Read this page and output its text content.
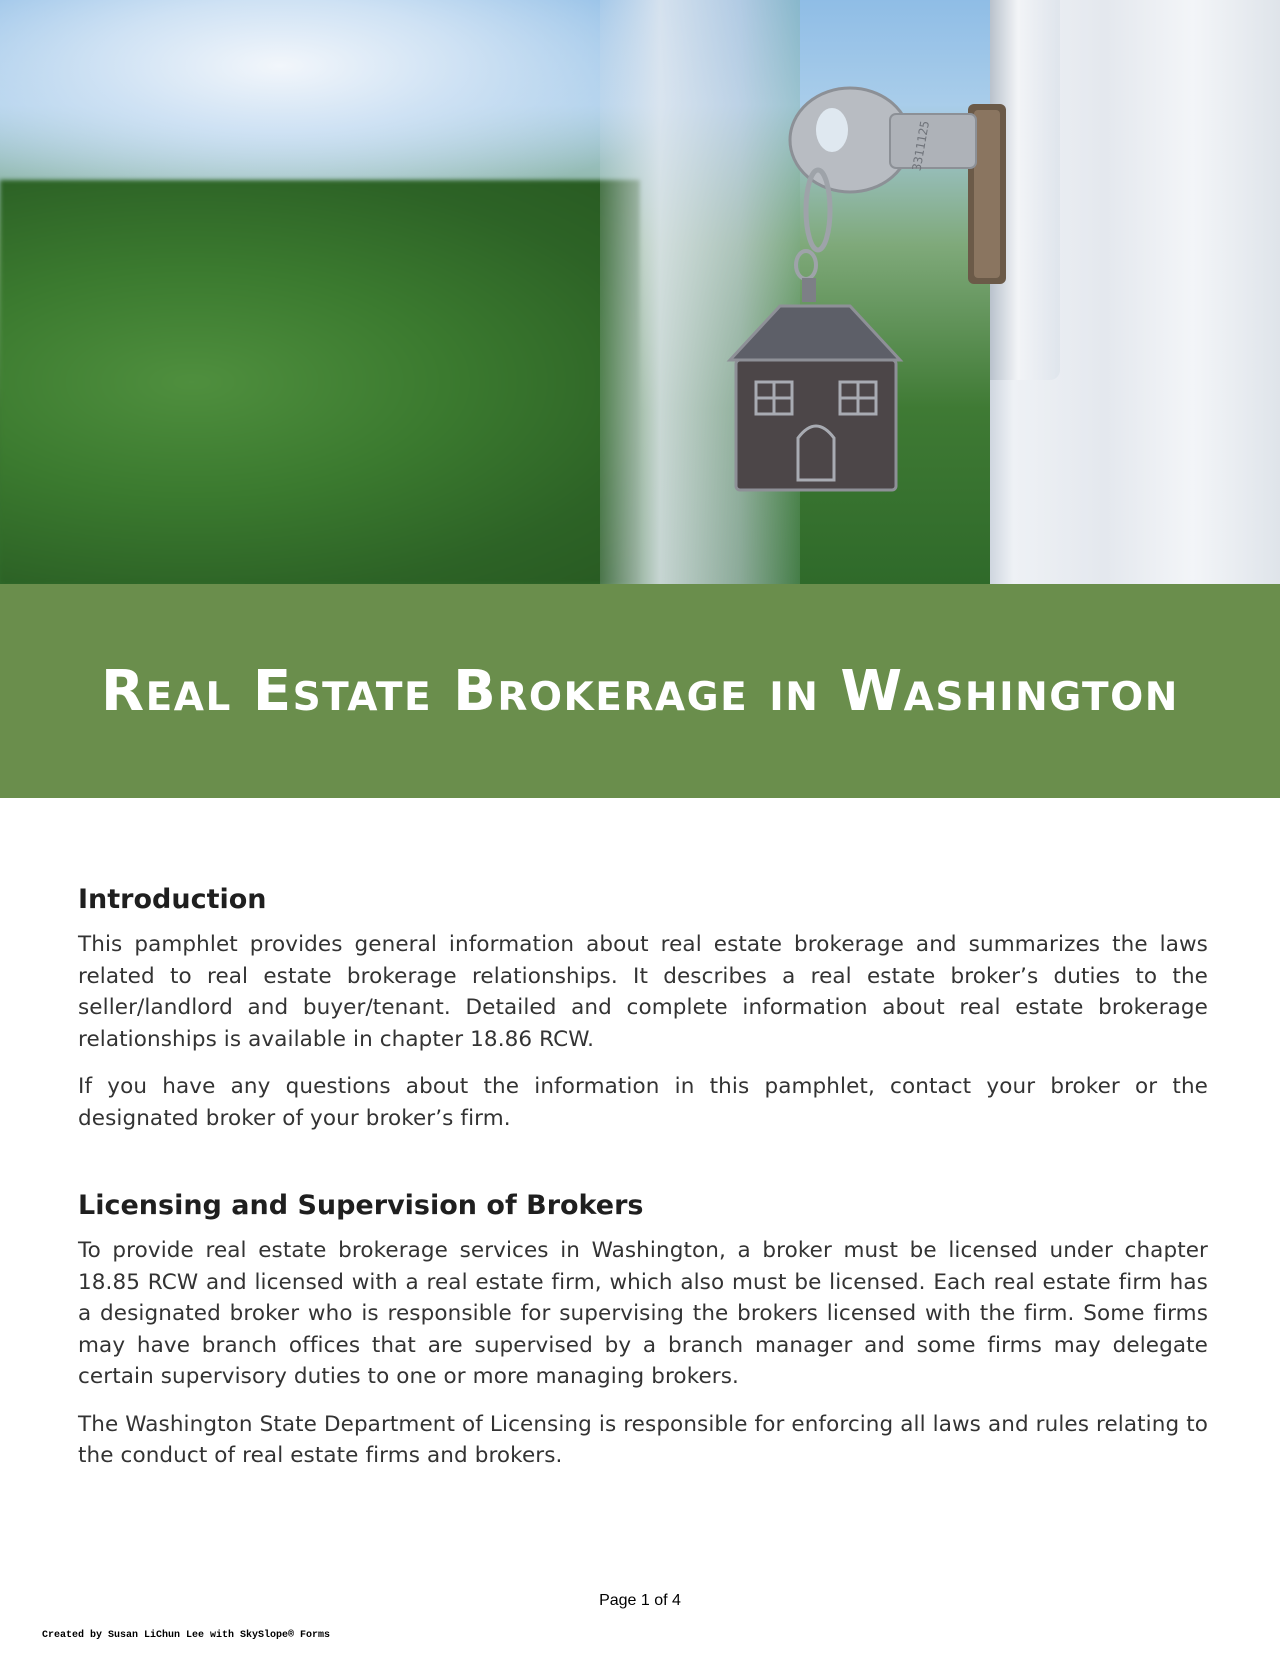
3311125
Real Estate Brokerage in Washington
Introduction

This pamphlet provides general information about real estate brokerage and summarizes the laws related to real estate brokerage relationships. It describes a real estate broker’s duties to the seller/landlord and buyer/tenant. Detailed and complete information about real estate brokerage relationships is available in chapter 18.86 RCW.

If you have any questions about the information in this pamphlet, contact your broker or the designated broker of your broker’s firm.

Licensing and Supervision of Brokers

To provide real estate brokerage services in Washington, a broker must be licensed under chapter 18.85 RCW and licensed with a real estate firm, which also must be licensed. Each real estate firm has a designated broker who is responsible for supervising the brokers licensed with the firm. Some firms may have branch offices that are supervised by a branch manager and some firms may delegate certain supervisory duties to one or more managing brokers.

The Washington State Department of Licensing is responsible for enforcing all laws and rules relating to the conduct of real estate firms and brokers.

Page 1 of 4
Created by Susan LiChun Lee with SkySlope® Forms
